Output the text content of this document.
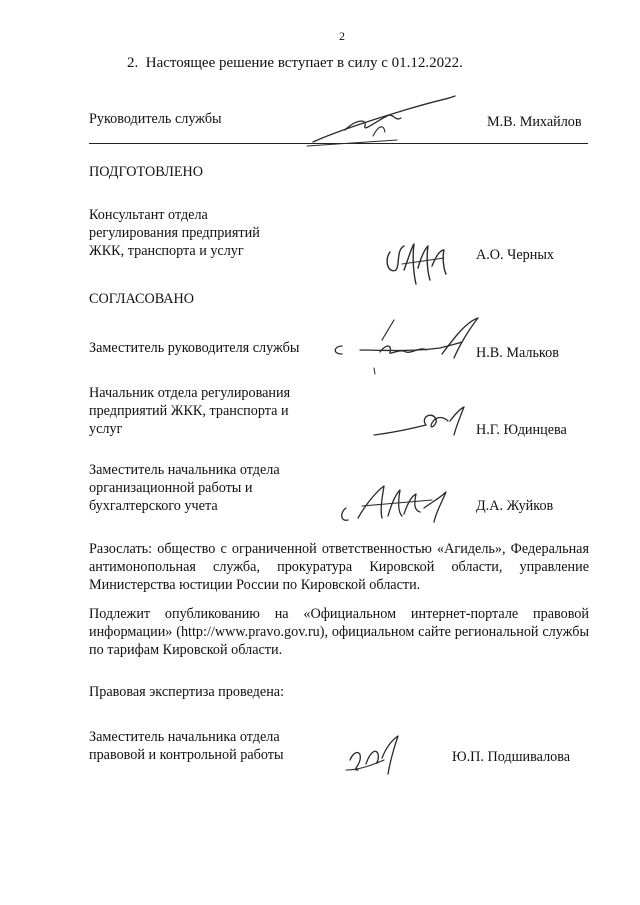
2
2. Настоящее решение вступает в силу с 01.12.2022.
Руководитель службы	М.В. Михайлов
ПОДГОТОВЛЕНО
Консультант отдела
регулирования предприятий
ЖКК, транспорта и услуг	А.О. Черных
СОГЛАСОВАНО
Заместитель руководителя службы	Н.В. Мальков
Начальник отдела регулирования
предприятий ЖКК, транспорта и
услуг	Н.Г. Юдинцева
Заместитель начальника отдела
организационной работы и
бухгалтерского учета	Д.А. Жуйков
Разослать: общество с ограниченной ответственностью «Агидель», Федеральная антимонопольная служба, прокуратура Кировской области, управление Министерства юстиции России по Кировской области.
Подлежит опубликованию на «Официальном интернет-портале правовой информации» (http://www.pravo.gov.ru), официальном сайте региональной службы по тарифам Кировской области.
Правовая экспертиза проведена:
Заместитель начальника отдела
правовой и контрольной работы	Ю.П. Подшивалова
